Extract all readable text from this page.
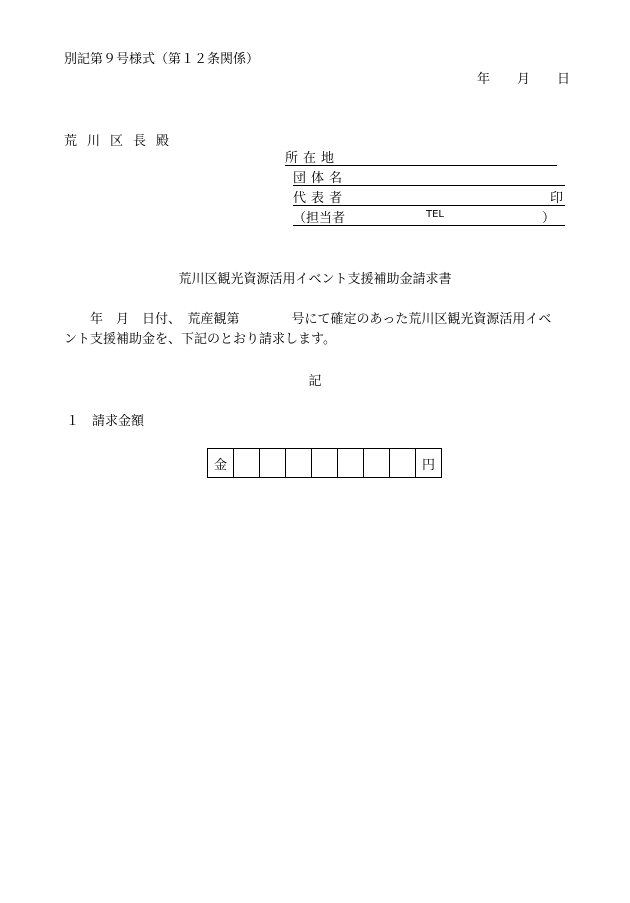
別記第９号様式（第１２条関係）
年 月 日
荒川区長殿
所在地
団体名
代表者	印
（担当者	TEL	）
荒川区観光資源活用イベント支援補助金請求書
年　月　日付、　荒産観第　　　　号にて確定のあった荒川区観光資源活用イベ
ント支援補助金を、下記のとおり請求します。
記
１　請求金額
金								円
